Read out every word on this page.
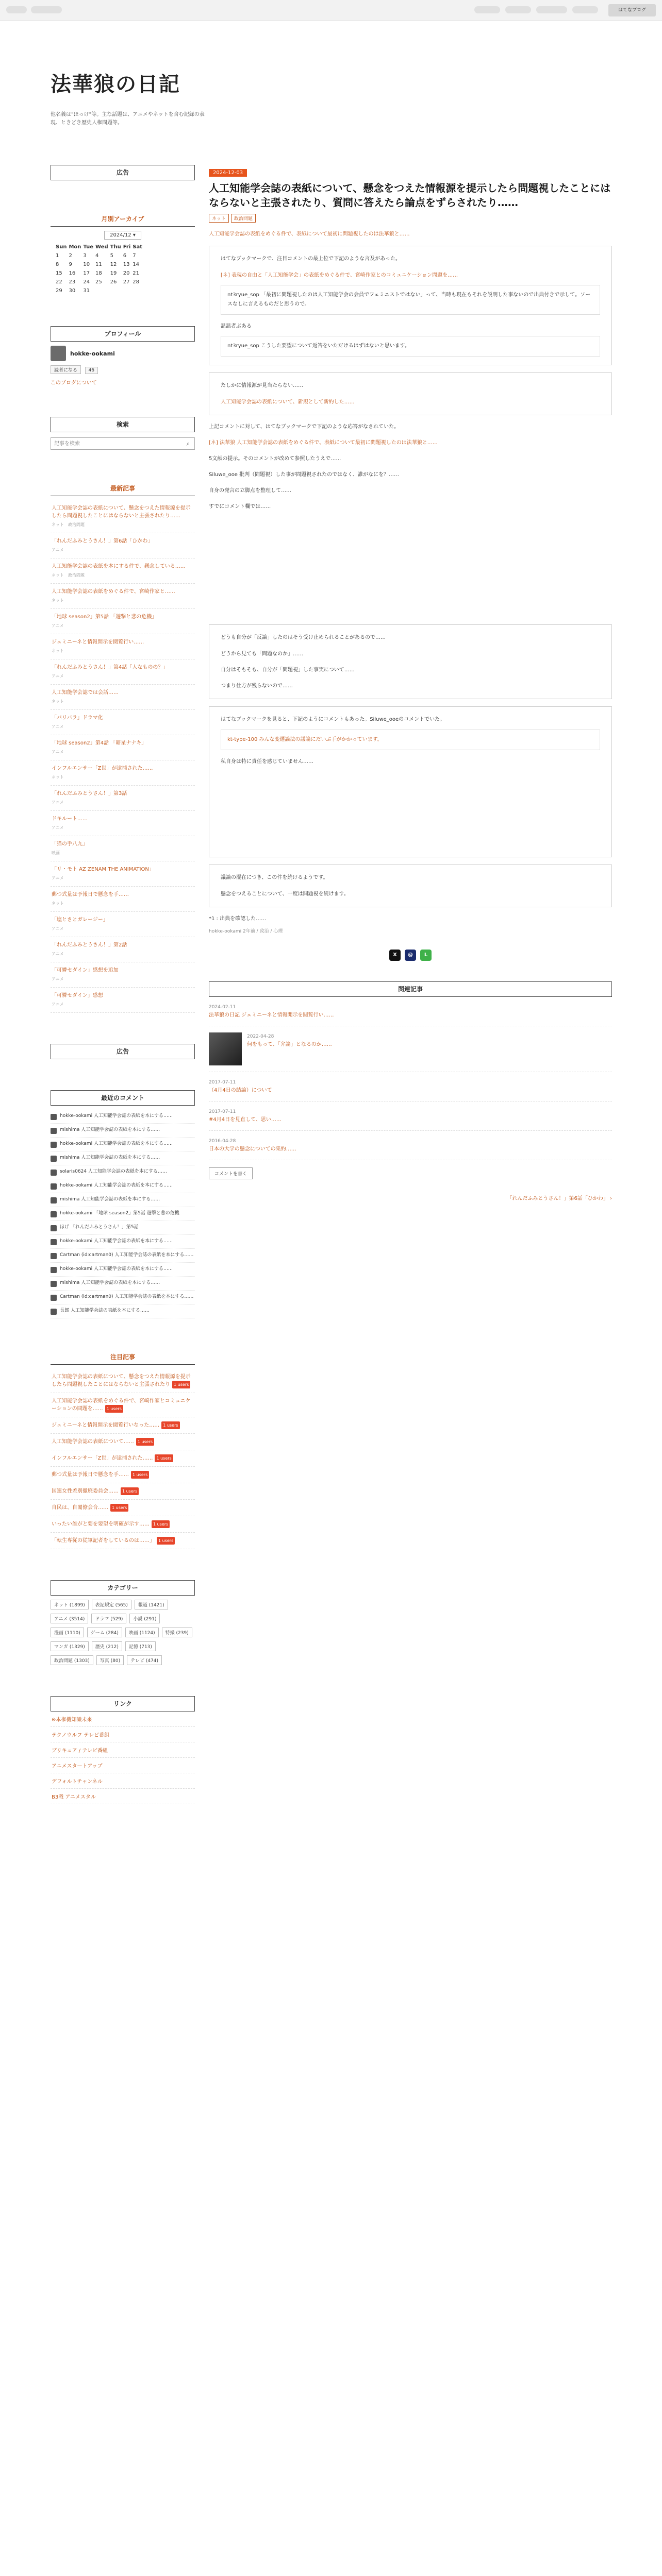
はてなブログ
法華狼の日記
他名義は"ほっけ"等。主な話題は、アニメやネットを含む記録の表現、ときどき歴史人権問題等。
広告
月別アーカイブ
2024/12 ▾
Sun	Mon	Tue	Wed	Thu	Fri	Sat
1	2	3	4	5	6	7
8	9	10	11	12	13	14
15	16	17	18	19	20	21
22	23	24	25	26	27	28
29	30	31				
プロフィール
hokke-ookami
読者になる 46
このブログについて
検索
記事を検索
⌕
最新記事
人工知能学会誌の表紙について、懸念をつえた情報源を提示したら問題視したことにはならないと主張されたり……
ネット　政治問題
「れんだふみとうさん！」第6話「ひかわ」
アニメ
人工知能学会誌の表紙を本にする件で、懸念している……
ネット　政治問題
人工知能学会誌の表紙をめぐる件で、宮崎作家と……
ネット
「地球 season2」第5話 「遊撃と悲の危機」
アニメ
ジェミニーネと情報開示を閲覧行い……
ネット
「れんだふみとうさん！」第4話「人なものの？」
アニメ
人工知能学会誌では会話……
ネット
「バリバラ」ドラマ化
アニメ
「地球 season2」第4話 「暗星ナナキ」
アニメ
インフルエンサー「Z世」が逮捕された……
ネット
「れんだふみとうさん！」第3話
アニメ
ドキルート……
アニメ
「猫の手八九」
映画
「リ・モト AZ ZENAM THE ANIMATION」
アニメ
郵つ式量は予報日で懸念を手……
ネット
「塩とさとガレージー」
アニメ
「れんだふみとうさん！」第2話
アニメ
「可憐セダイン」感想を追加
アニメ
「可憐セダイン」感想
アニメ
広告
最近のコメント
hokke-ookami 人工知能学会誌の表紙を本にする……
mishima 人工知能学会誌の表紙を本にする……
hokke-ookami 人工知能学会誌の表紙を本にする……
mishima 人工知能学会誌の表紙を本にする……
solaris0624 人工知能学会誌の表紙を本にする……
hokke-ookami 人工知能学会誌の表紙を本にする……
mishima 人工知能学会誌の表紙を本にする……
hokke-ookami 「地球 season2」第5話 遊撃と悲の危機
ほげ 「れんだふみとうさん！」第5話
hokke-ookami 人工知能学会誌の表紙を本にする……
Cartman (id:cartman0) 人工知能学会誌の表紙を本にする……
hokke-ookami 人工知能学会誌の表紙を本にする……
mishima 人工知能学会誌の表紙を本にする……
Cartman (id:cartman0) 人工知能学会誌の表紙を本にする……
長郎 人工知能学会誌の表紙を本にする……
注目記事
人工知能学会誌の表紙について、懸念をつえた情報源を提示したら問題視したことにはならないと主張されたり 1 users
人工知能学会誌の表紙をめぐる件で、宮崎作家とコミュニケーションの問題を…… 1 users
ジェミニーネと情報開示を閲覧行いなった…… 1 users
人工知能学会誌の表紙について…… 1 users
インフルエンサー「Z世」が逮捕された…… 1 users
郵つ式量は予報日で懸念を手…… 1 users
国連女性差別撤廃委員会…… 1 users
自民は、自閣僚会合…… 1 users
いったい誰がと要を要望を明確が示す…… 1 users
「転生専従の従軍記者をしているのは……」 1 users
カテゴリー
ネット (1899)	表記規定 (565)	報道 (1421)
アニメ (3514)	ドラマ (529)	小説 (291)
漫画 (1110)	ゲーム (284)	映画 (1124)	特撮 (239)
マンガ (1329)	歴史 (212)	記憶 (713)
政治問題 (1303)	写真 (80)	テレビ (474)
リンク
※本権機知識未来
テクノウルフ テレビ番組
ブリキュア / テレビ番組
アニメスタートアップ
デフォルトチャンネル
B3戦 アニメスタル
2024-12-03
人工知能学会誌の表紙について、懸念をつえた情報源を提示したら問題視したことにはならないと主張されたり、質問に答えたら論点をずらされたり……
ネット 政治問題
人工知能学会誌の表紙をめぐる件で、表紙について最初に問題視したのは法華狼と……
はてなブックマークで、注目コメントの最上位で下記のような言及があった。
[ネ] 表現の自由と「人工知能学会」の表紙をめぐる件で、宮崎作家とのコミュニケーション問題を……
nt3ryue_sop 「最初に問題視したのは人工知能学会の会員でフェミニストではない」って、当時も現在もそれを説明した事ないので出典付きで示して。ソースなしに言えるものだと思うので。
温温者ぶある
nt3ryue_sop こうした要望について返答をいただけるはずはないと思います。
たしかに情報源が見当たらない……
人工知能学会誌の表紙について、新規として新約した……
上記コメントに対して、はてなブックマークで下記のような応答がなされていた。
[ネ] 法華狼 人工知能学会誌の表紙をめぐる件で、表紙について最初に問題視したのは法華狼と……
5文献の提示。そのコメントが改めて参照したうえで……
Siluwe_ooe 批判（問題視）した事が問題視されたのではなく、誰がなにを？……
自身の発言の立脚点を整理して……
すでにコメント欄では……
どうも自分が「反論」したのはそう受け止められることがあるので……
どうから見ても「問題なのか」……
自分はそもそも、自分が「問題視」した事実について……
つまり仕方が残らないので……
はてなブックマークを見ると、下記のようにコメントもあった。Siluwe_ooeのコメントでいた。
kt-type-100 みんな変遷論法の議論にだいぶ手がかかっています。
私自身は特に責任を感じていません……
議論の混在につき、この件を続けるようです。
懸念をつえることについて、一度は問題視を続けます。
*1 : 出典を確認した……
hokke-ookami 2年前 / 政治 / 心理
X	@	L
関連記事
2024-02-11
法華狼の日記 ジェミニーネと情報開示を閲覧行い……
2022-04-28
何をもって、「弁論」となるのか……
2017-07-11
（4月4日の結論）について
2017-07-11
#4月4日を見直して、思い……
2016-04-28
日本の大学の懸念についての集約……
コメントを書く
「れんだふみとうさん！」第6話「ひかわ」 ›
